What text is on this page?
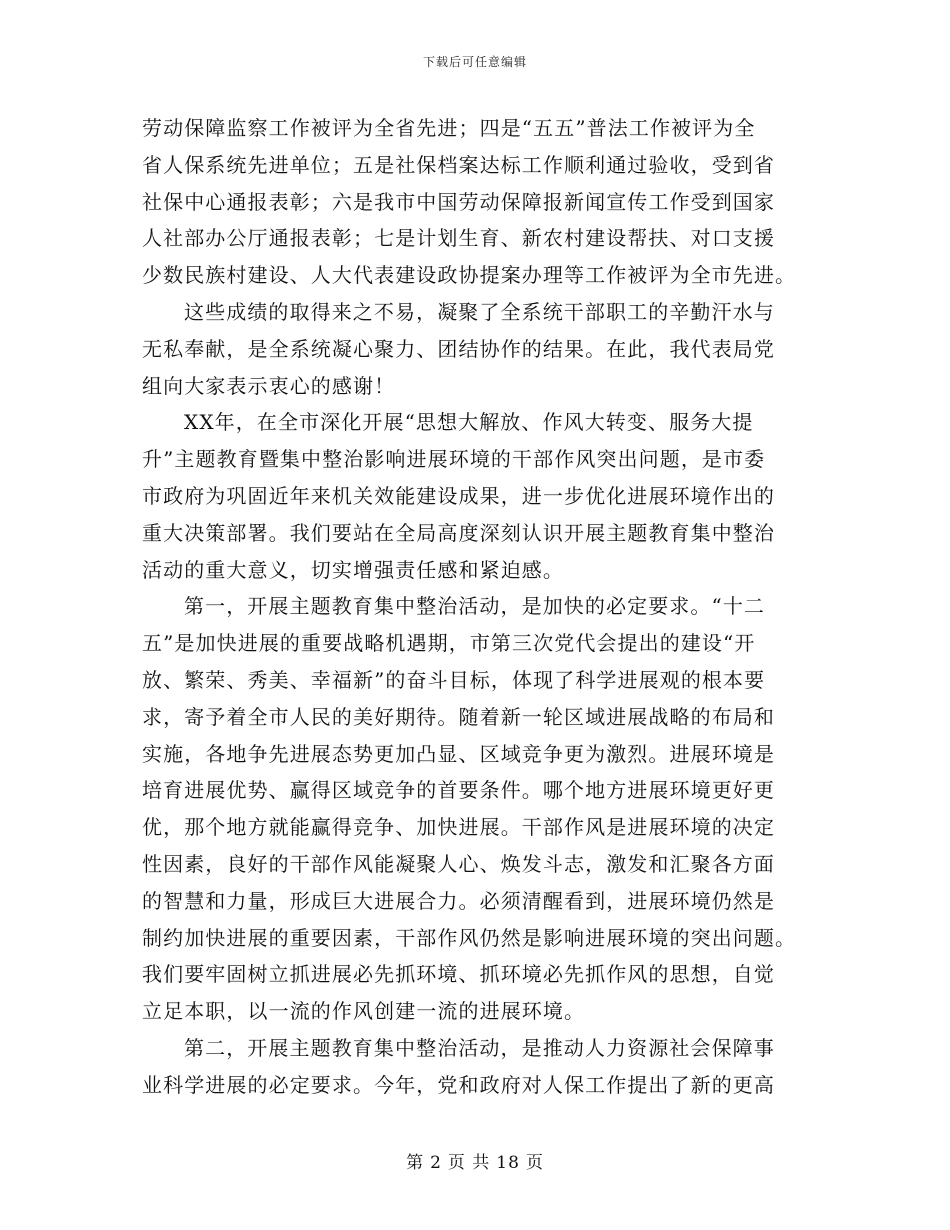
下载后可任意编辑
劳动保障监察工作被评为全省先进；四是“五五”普法工作被评为全
省人保系统先进单位；五是社保档案达标工作顺利通过验收，受到省
社保中心通报表彰；六是我市中国劳动保障报新闻宣传工作受到国家
人社部办公厅通报表彰；七是计划生育、新农村建设帮扶、对口支援
少数民族村建设、人大代表建设政协提案办理等工作被评为全市先进。
这些成绩的取得来之不易，凝聚了全系统干部职工的辛勤汗水与
无私奉献，是全系统凝心聚力、团结协作的结果。在此，我代表局党
组向大家表示衷心的感谢！
XX年，在全市深化开展“思想大解放、作风大转变、服务大提
升”主题教育暨集中整治影响进展环境的干部作风突出问题，是市委
市政府为巩固近年来机关效能建设成果，进一步优化进展环境作出的
重大决策部署。我们要站在全局高度深刻认识开展主题教育集中整治
活动的重大意义，切实增强责任感和紧迫感。
第一，开展主题教育集中整治活动，是加快的必定要求。“十二
五”是加快进展的重要战略机遇期，市第三次党代会提出的建设“开
放、繁荣、秀美、幸福新”的奋斗目标，体现了科学进展观的根本要
求，寄予着全市人民的美好期待。随着新一轮区域进展战略的布局和
实施，各地争先进展态势更加凸显、区域竞争更为激烈。进展环境是
培育进展优势、赢得区域竞争的首要条件。哪个地方进展环境更好更
优，那个地方就能赢得竞争、加快进展。干部作风是进展环境的决定
性因素，良好的干部作风能凝聚人心、焕发斗志，激发和汇聚各方面
的智慧和力量，形成巨大进展合力。必须清醒看到，进展环境仍然是
制约加快进展的重要因素，干部作风仍然是影响进展环境的突出问题。
我们要牢固树立抓进展必先抓环境、抓环境必先抓作风的思想，自觉
立足本职，以一流的作风创建一流的进展环境。
第二，开展主题教育集中整治活动，是推动人力资源社会保障事
业科学进展的必定要求。今年，党和政府对人保工作提出了新的更高
第 2 页 共 18 页
